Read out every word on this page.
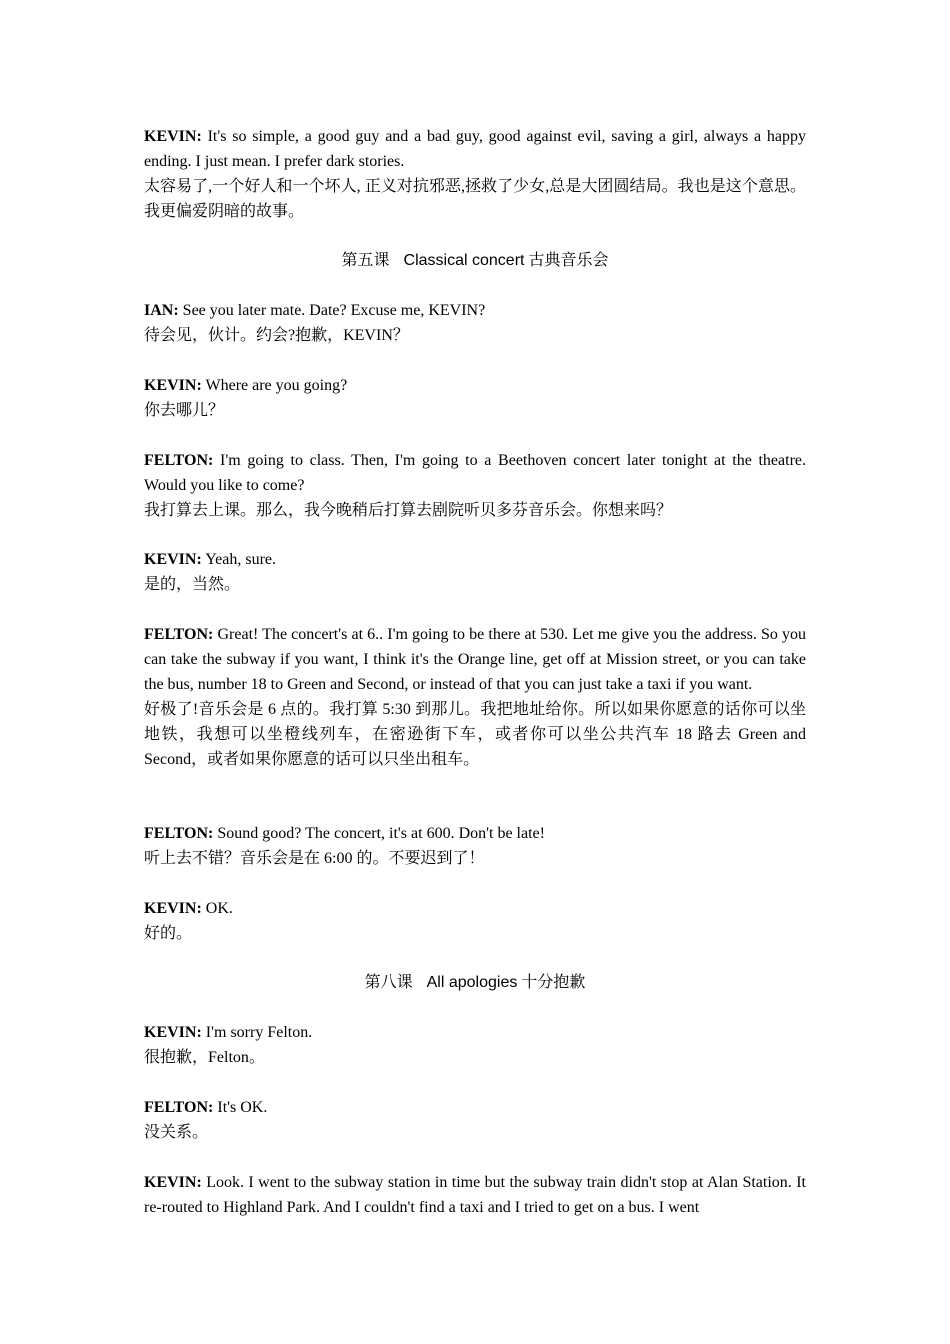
KEVIN: It's so simple, a good guy and a bad guy, good against evil, saving a girl, always a happy ending. I just mean. I prefer dark stories.
太容易了,一个好人和一个坏人, 正义对抗邪恶,拯救了少女,总是大团圆结局。我也是这个意思。我更偏爱阴暗的故事。
第五课 Classical concert 古典音乐会
IAN: See you later mate. Date? Excuse me, KEVIN?
待会见，伙计。约会?抱歉，KEVIN？
KEVIN: Where are you going?
你去哪儿？
FELTON: I'm going to class. Then, I'm going to a Beethoven concert later tonight at the theatre. Would you like to come?
我打算去上课。那么，我今晚稍后打算去剧院听贝多芬音乐会。你想来吗？
KEVIN: Yeah, sure.
是的，当然。
FELTON: Great! The concert's at 6.. I'm going to be there at 530. Let me give you the address. So you can take the subway if you want, I think it's the Orange line, get off at Mission street, or you can take the bus, number 18 to Green and Second, or instead of that you can just take a taxi if you want.
好极了!音乐会是 6 点的。我打算 5:30 到那儿。我把地址给你。所以如果你愿意的话你可以坐地铁，我想可以坐橙线列车，在密逊街下车，或者你可以坐公共汽车 18 路去 Green and Second，或者如果你愿意的话可以只坐出租车。
FELTON: Sound good? The concert, it's at 600. Don't be late!
听上去不错？音乐会是在 6:00 的。不要迟到了！
KEVIN: OK.
好的。
第八课 All apologies 十分抱歉
KEVIN: I'm sorry Felton.
很抱歉，Felton。
FELTON: It's OK.
没关系。
KEVIN: Look. I went to the subway station in time but the subway train didn't stop at Alan Station. It re-routed to Highland Park. And I couldn't find a taxi and I tried to get on a bus. I went
